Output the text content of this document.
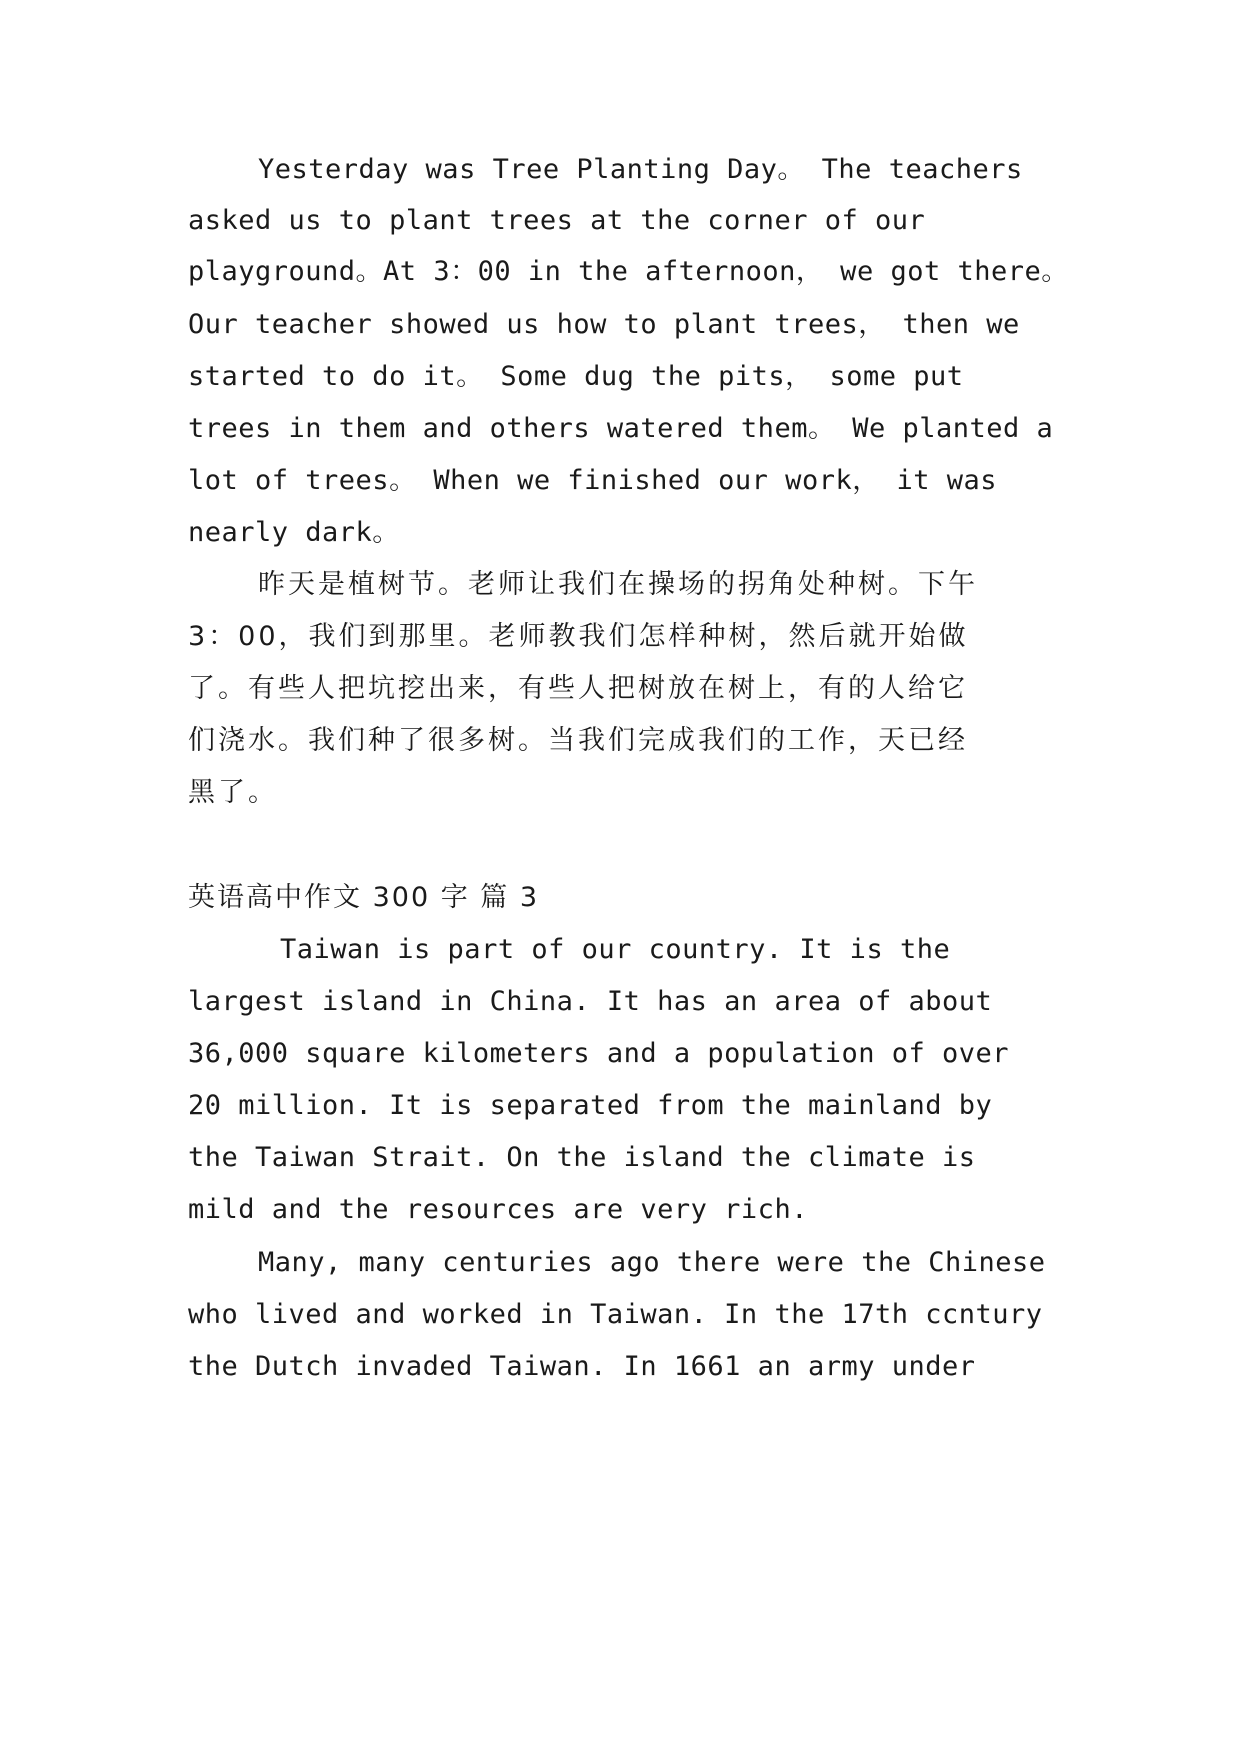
Yesterday was Tree Planting Day。 The teachers
asked us to plant trees at the corner of our
playground。At 3：00 in the afternoon， we got there。
Our teacher showed us how to plant trees， then we
started to do it。 Some dug the pits， some put
trees in them and others watered them。 We planted a
lot of trees。 When we finished our work， it was
nearly dark。
昨天是植树节。老师让我们在操场的拐角处种树。下午
3：00，我们到那里。老师教我们怎样种树，然后就开始做
了。有些人把坑挖出来，有些人把树放在树上，有的人给它
们浇水。我们种了很多树。当我们完成我们的工作，天已经
黑了。
英语高中作文 300 字 篇 3
Taiwan is part of our country. It is the
largest island in China. It has an area of about
36,000 square kilometers and a population of over
20 million. It is separated from the mainland by
the Taiwan Strait. On the island the climate is
mild and the resources are very rich.
Many, many centuries ago there were the Chinese
who lived and worked in Taiwan. In the 17th ccntury
the Dutch invaded Taiwan. In 1661 an army under
